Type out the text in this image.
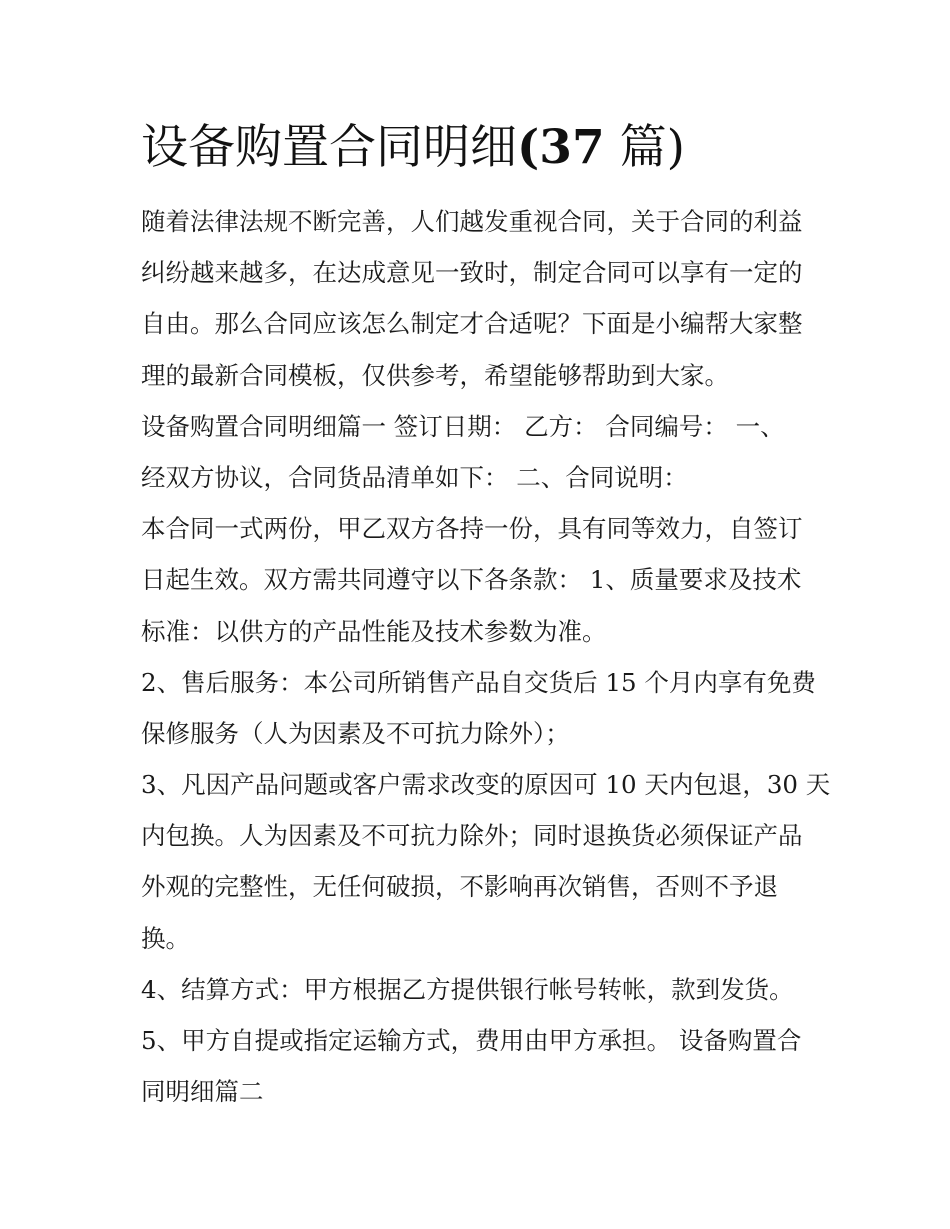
设备购置合同明细(37 篇)
随着法律法规不断完善，人们越发重视合同，关于合同的利益
纠纷越来越多，在达成意见一致时，制定合同可以享有一定的
自由。那么合同应该怎么制定才合适呢？下面是小编帮大家整
理的最新合同模板，仅供参考，希望能够帮助到大家。
设备购置合同明细篇一 签订日期： 乙方： 合同编号： 一、
经双方协议，合同货品清单如下： 二、合同说明：
本合同一式两份，甲乙双方各持一份，具有同等效力，自签订
日起生效。双方需共同遵守以下各条款： 1、质量要求及技术
标准：以供方的产品性能及技术参数为准。
2、售后服务：本公司所销售产品自交货后 15 个月内享有免费
保修服务（人为因素及不可抗力除外）；
3、凡因产品问题或客户需求改变的原因可 10 天内包退，30 天
内包换。人为因素及不可抗力除外；同时退换货必须保证产品
外观的完整性，无任何破损，不影响再次销售，否则不予退
换。
4、结算方式：甲方根据乙方提供银行帐号转帐，款到发货。
5、甲方自提或指定运输方式，费用由甲方承担。 设备购置合
同明细篇二
